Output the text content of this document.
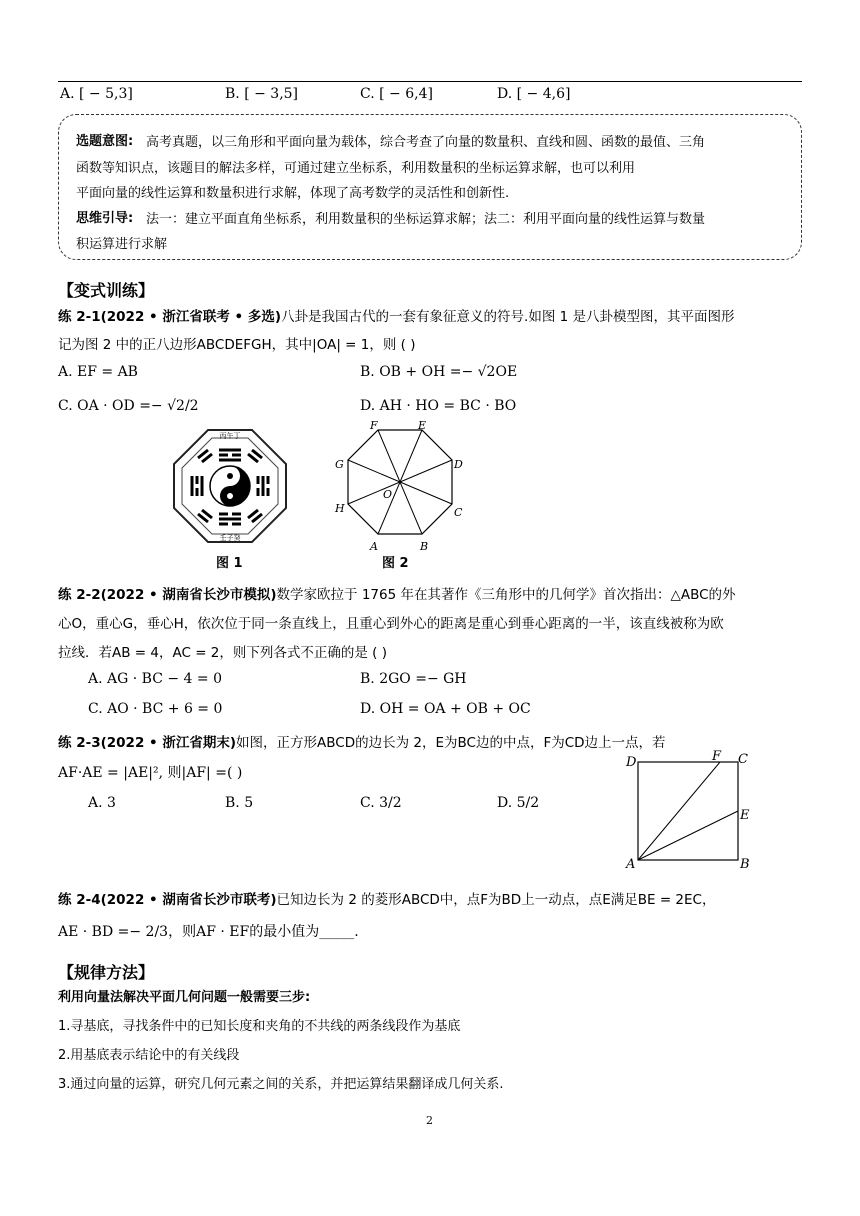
A. [ − 5,3]	B. [ − 3,5]	C. [ − 6,4]	D. [ − 4,6]
选题意图: 高考真题，以三角形和平面向量为载体，综合考查了向量的数量积、直线和圆、函数的最值、三角
函数等知识点，该题目的解法多样，可通过建立坐标系，利用数量积的坐标运算求解，也可以利用
平面向量的线性运算和数量积进行求解，体现了高考数学的灵活性和创新性.
思维引导: 法一：建立平面直角坐标系，利用数量积的坐标运算求解；法二：利用平面向量的线性运算与数量
积运算进行求解
【变式训练】
练 2-1(2022 • 浙江省联考 • 多选)八卦是我国古代的一套有象征意义的符号.如图 1 是八卦模型图，其平面图形
记为图 2 中的正八边形ABCDEFGH，其中|OA| = 1，则 ( )
A. EF = AB	B. OB + OH =− √2OE
C. OA · OD =− √2/2	D. AH · HO = BC · BO
丙午丁
壬子癸
图 1
A	B
C
D
E
F
G
H
O
图 2
练 2-2(2022 • 湖南省长沙市模拟)数学家欧拉于 1765 年在其著作《三角形中的几何学》首次指出：△ABC的外
心O，重心G，垂心H，依次位于同一条直线上，且重心到外心的距离是重心到垂心距离的一半，该直线被称为欧
拉线．若AB = 4，AC = 2，则下列各式不正确的是 ( )
A. AG · BC − 4 = 0	B. 2GO =− GH
C. AO · BC + 6 = 0	D. OH = OA + OB + OC
练 2-3(2022 • 浙江省期末)如图，正方形ABCD的边长为 2，E为BC边的中点，F为CD边上一点，若
AF·AE = |AE|², 则|AF| =( )
A. 3	B. 5	C. 3/2	D. 5/2
A	B
C
D
E
F
练 2-4(2022 • 湖南省长沙市联考)已知边长为 2 的菱形ABCD中，点F为BD上一动点，点E满足BE = 2EC，
AE · BD =− 2/3，则AF · EF的最小值为_____.
【规律方法】
利用向量法解决平面几何问题一般需要三步:
1.寻基底，寻找条件中的已知长度和夹角的不共线的两条线段作为基底
2.用基底表示结论中的有关线段
3.通过向量的运算，研究几何元素之间的关系，并把运算结果翻译成几何关系.
2
